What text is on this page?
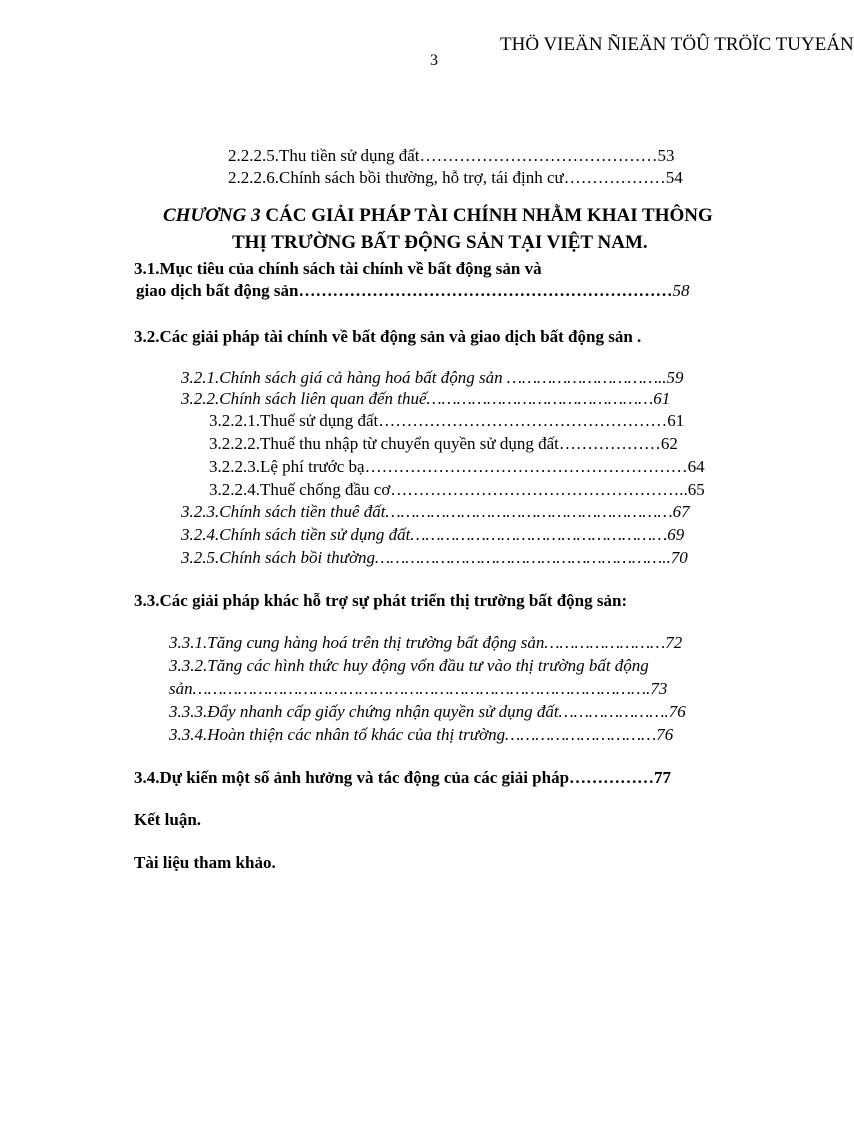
THÖ VIEÄN ÑIEÄN TÖÛ TRÖÏC TUYEÁN
3
2.2.2.5.Thu tiền sử dụng đất……………………………………53
2.2.2.6.Chính sách bồi thường, hỗ trợ, tái định cư………………54
CHƯƠNG 3 CÁC GIẢI PHÁP TÀI CHÍNH NHẰM KHAI THÔNG
THỊ TRƯỜNG BẤT ĐỘNG SẢN TẠI VIỆT NAM.
3.1.Mục tiêu của chính sách tài chính về bất động sản và
giao dịch bất động sản…………………………………………………………58
3.2.Các giải pháp tài chính về bất động sản và giao dịch bất động sản .
3.2.1.Chính sách giá cả hàng hoá bất động sản …………………………..59
3.2.2.Chính sách liên quan đến thuế………………………………………61
3.2.2.1.Thuế sử dụng đất……………………………………………61
3.2.2.2.Thuế thu nhập từ chuyển quyền sử dụng đất………………62
3.2.2.3.Lệ phí trước bạ…………………………………………………64
3.2.2.4.Thuế chống đầu cơ……………………………………………..65
3.2.3.Chính sách tiền thuê đất…………………………………………………67
3.2.4.Chính sách tiền sử dụng đất……………………………………………69
3.2.5.Chính sách bồi thường…………………………………………………..70
3.3.Các giải pháp khác hỗ trợ sự phát triển thị trường bất động sản:
3.3.1.Tăng cung hàng hoá trên thị trường bất động sản……………………72
3.3.2.Tăng các hình thức huy động vốn đầu tư vào thị trường bất động
sản……………………………………………………………………………….73
3.3.3.Đẩy nhanh cấp giấy chứng nhận quyền sử dụng đất………………….76
3.3.4.Hoàn thiện các nhân tố khác của thị trường…………………………76
3.4.Dự kiến một số ảnh hưởng và tác động của các giải pháp……………77
Kết luận.
Tài liệu tham khảo.
